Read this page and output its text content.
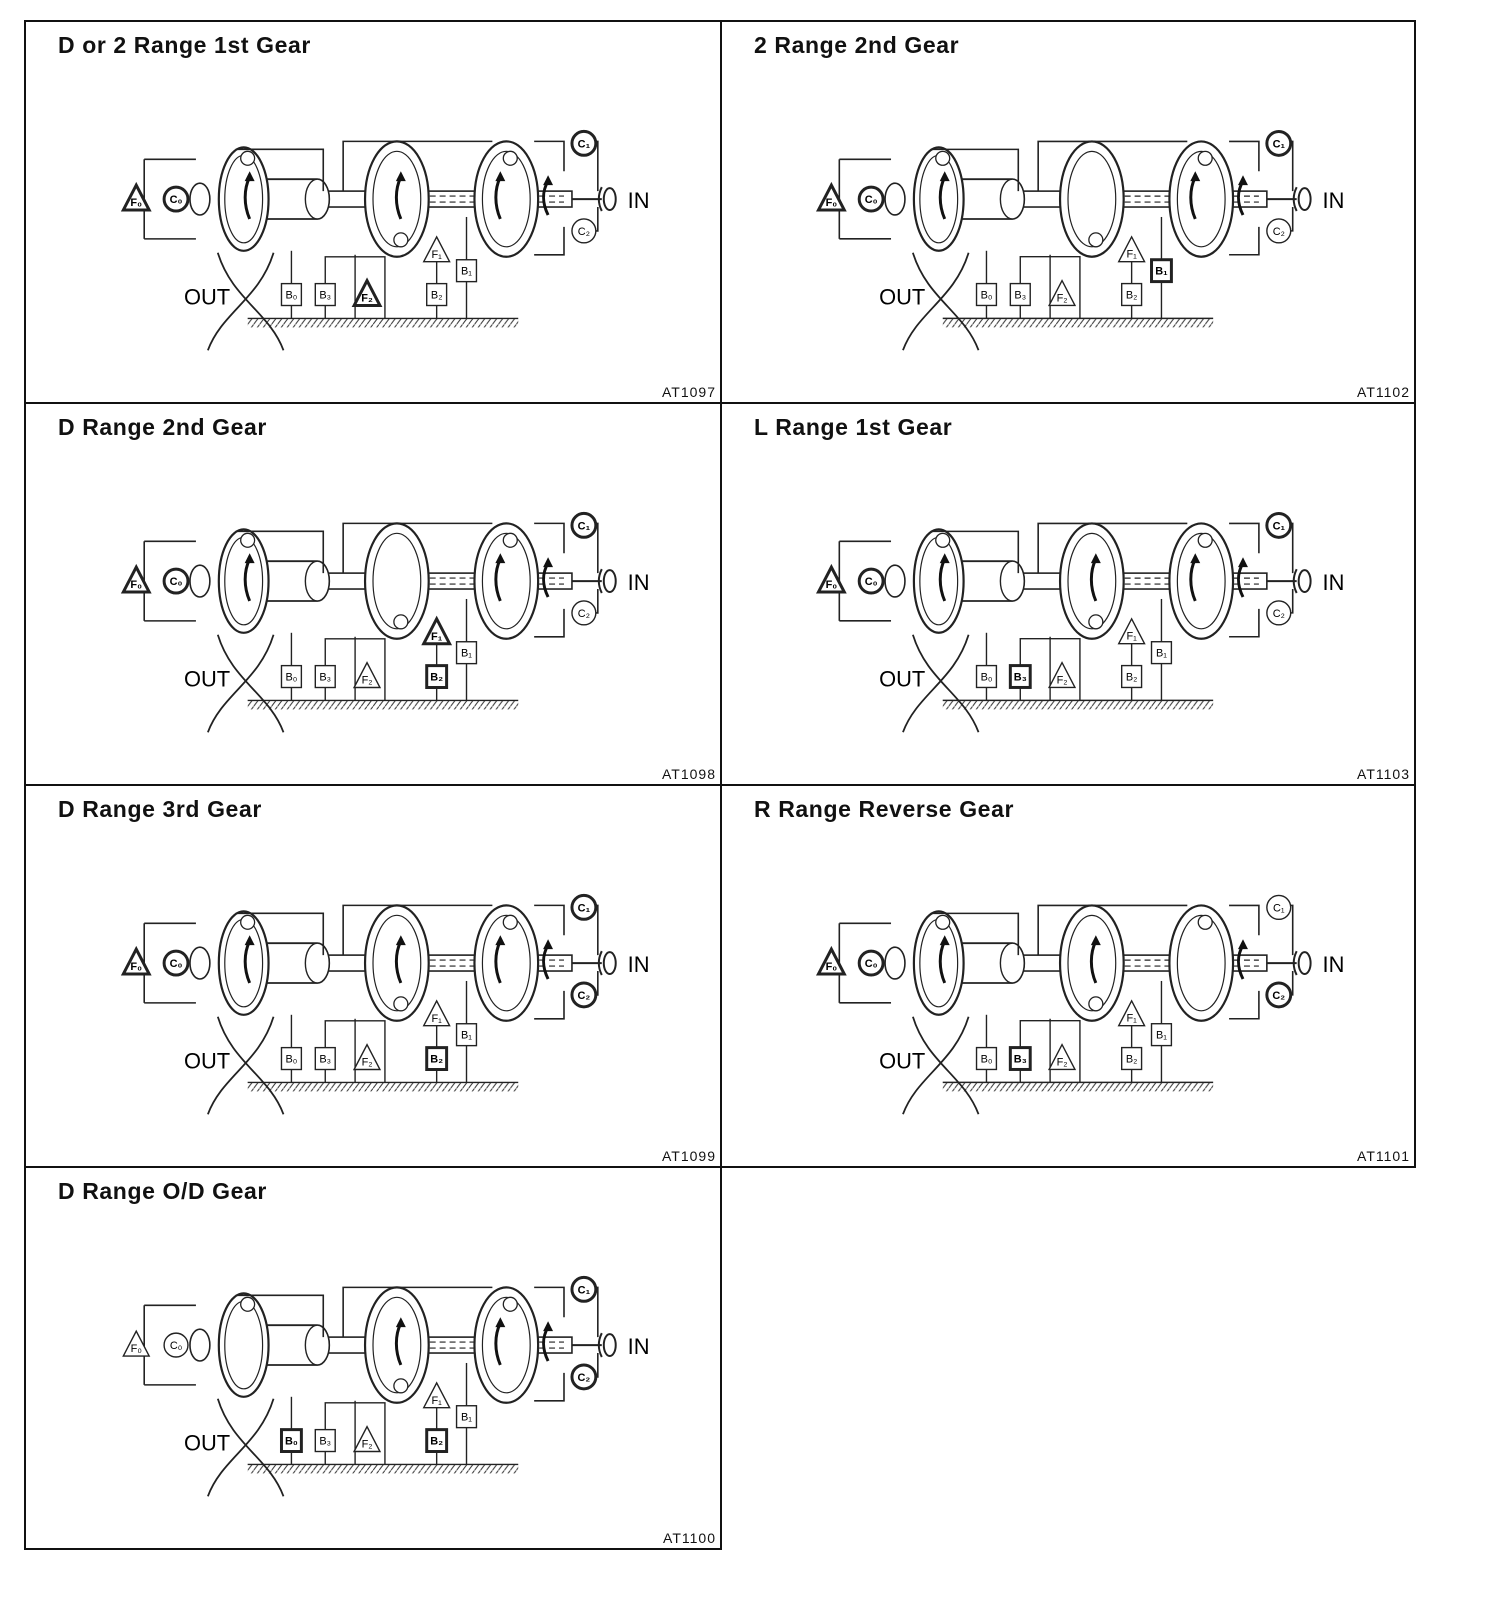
D or 2 Range 1st Gear
IN
OUT
F₀	C₀
C₁
C₂
B₀ B₃	F₂
F₁
B₂
B₁
AT1097
2 Range 2nd Gear
IN
OUT
F₀	C₀
C₁
C₂
B₀ B₃	F₂
F₁
B₂
B₁
AT1102
D Range 2nd Gear
IN
OUT
F₀	C₀
C₁
C₂
B₀ B₃	F₂
F₁
B₂
B₁
AT1098
L Range 1st Gear
IN
OUT
F₀	C₀
C₁
C₂
B₀ B₃	F₂
F₁
B₂
B₁
AT1103
D Range 3rd Gear
IN
OUT
F₀	C₀
C₁
C₂
B₀ B₃	F₂
F₁
B₂
B₁
AT1099
R Range Reverse Gear
IN
OUT
F₀	C₀
C₁
C₂
B₀ B₃	F₂
F₁
B₂
B₁
AT1101
D Range O/D Gear
IN
OUT
F₀	C₀
C₁
C₂
B₀ B₃	F₂
F₁
B₂
B₁
AT1100
